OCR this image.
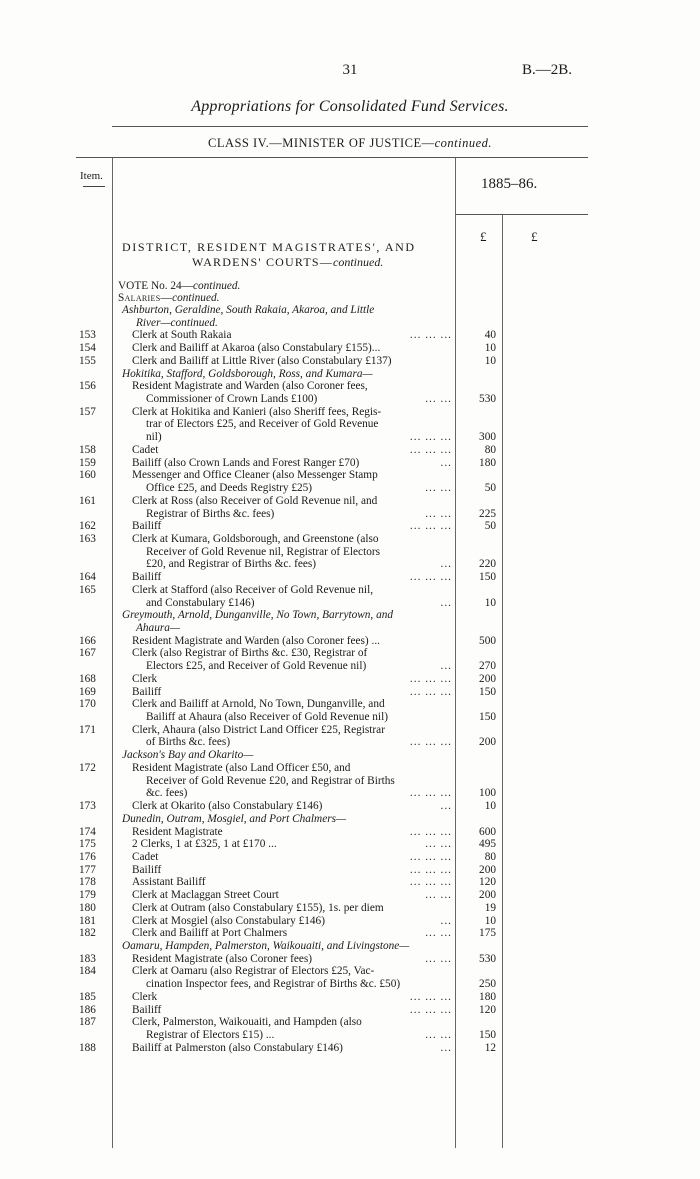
31	B.—2B.
Appropriations for Consolidated Fund Services.
CLASS IV.—MINISTER OF JUSTICE—continued.
Item.	1885–86.
£	£
DISTRICT, RESIDENT MAGISTRATES', AND
WARDENS' COURTS—continued.
VOTE No. 24—continued.
Salaries—continued.
Ashburton, Geraldine, South Rakaia, Akaroa, and Little
River—continued.
153	Clerk at South Rakaia	... ... ...	40
154	Clerk and Bailiff at Akaroa (also Constabulary £155)...	10
155	Clerk and Bailiff at Little River (also Constabulary £137)	10
Hokitika, Stafford, Goldsborough, Ross, and Kumara—
156	Resident Magistrate and Warden (also Coroner fees,
Commissioner of Crown Lands £100)	... ...	530
157	Clerk at Hokitika and Kanieri (also Sheriff fees, Regis-
trar of Electors £25, and Receiver of Gold Revenue
nil)	... ... ...	300
158	Cadet	... ... ...	80
159	Bailiff (also Crown Lands and Forest Ranger £70)	...	180
160	Messenger and Office Cleaner (also Messenger Stamp
Office £25, and Deeds Registry £25)	... ...	50
161	Clerk at Ross (also Receiver of Gold Revenue nil, and
Registrar of Births &c. fees)	... ...	225
162	Bailiff	... ... ...	50
163	Clerk at Kumara, Goldsborough, and Greenstone (also
Receiver of Gold Revenue nil, Registrar of Electors
£20, and Registrar of Births &c. fees)	...	220
164	Bailiff	... ... ...	150
165	Clerk at Stafford (also Receiver of Gold Revenue nil,
and Constabulary £146)	...	10
Greymouth, Arnold, Dunganville, No Town, Barrytown, and
Ahaura—
166	Resident Magistrate and Warden (also Coroner fees) ...	500
167	Clerk (also Registrar of Births &c. £30, Registrar of
Electors £25, and Receiver of Gold Revenue nil)	...	270
168	Clerk	... ... ...	200
169	Bailiff	... ... ...	150
170	Clerk and Bailiff at Arnold, No Town, Dunganville, and
Bailiff at Ahaura (also Receiver of Gold Revenue nil)	150
171	Clerk, Ahaura (also District Land Officer £25, Registrar
of Births &c. fees)	... ... ...	200
Jackson's Bay and Okarito—
172	Resident Magistrate (also Land Officer £50, and
Receiver of Gold Revenue £20, and Registrar of Births
&c. fees)	... ... ...	100
173	Clerk at Okarito (also Constabulary £146)	...	10
Dunedin, Outram, Mosgiel, and Port Chalmers—
174	Resident Magistrate	... ... ...	600
175	2 Clerks, 1 at £325, 1 at £170 ...	... ...	495
176	Cadet	... ... ...	80
177	Bailiff	... ... ...	200
178	Assistant Bailiff	... ... ...	120
179	Clerk at Maclaggan Street Court	... ...	200
180	Clerk at Outram (also Constabulary £155), 1s. per diem	19
181	Clerk at Mosgiel (also Constabulary £146)	...	10
182	Clerk and Bailiff at Port Chalmers	... ...	175
Oamaru, Hampden, Palmerston, Waikouaiti, and Livingstone—
183	Resident Magistrate (also Coroner fees)	... ...	530
184	Clerk at Oamaru (also Registrar of Electors £25, Vac-
cination Inspector fees, and Registrar of Births &c. £50)	250
185	Clerk	... ... ...	180
186	Bailiff	... ... ...	120
187	Clerk, Palmerston, Waikouaiti, and Hampden (also
Registrar of Electors £15) ...	... ...	150
188	Bailiff at Palmerston (also Constabulary £146)	...	12
